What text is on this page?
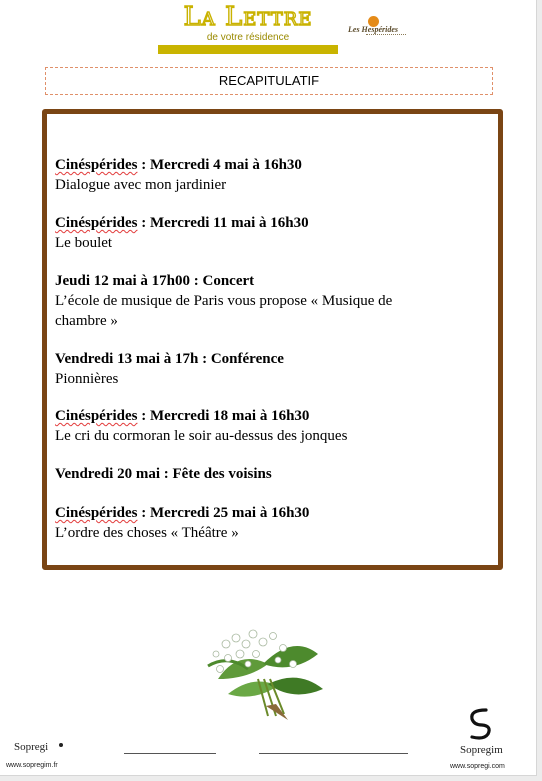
La Lettre
de votre résidence
Les Hespérides
RECAPITULATIF
Cinéspérides : Mercredi 4 mai à 16h30
Dialogue avec mon jardinier
Cinéspérides : Mercredi 11 mai à 16h30
Le boulet
Jeudi 12 mai à 17h00 : Concert
L’école de musique de Paris vous propose « Musique de
chambre »
Vendredi 13 mai à 17h : Conférence
Pionnières
Cinéspérides : Mercredi 18 mai à 16h30
Le cri du cormoran le soir au-dessus des jonques
Vendredi 20 mai : Fête des voisins
Cinéspérides : Mercredi 25 mai à 16h30
L’ordre des choses « Théâtre »
Sopregi
www.sopregim.fr
Sopregim
www.sopregi.com
